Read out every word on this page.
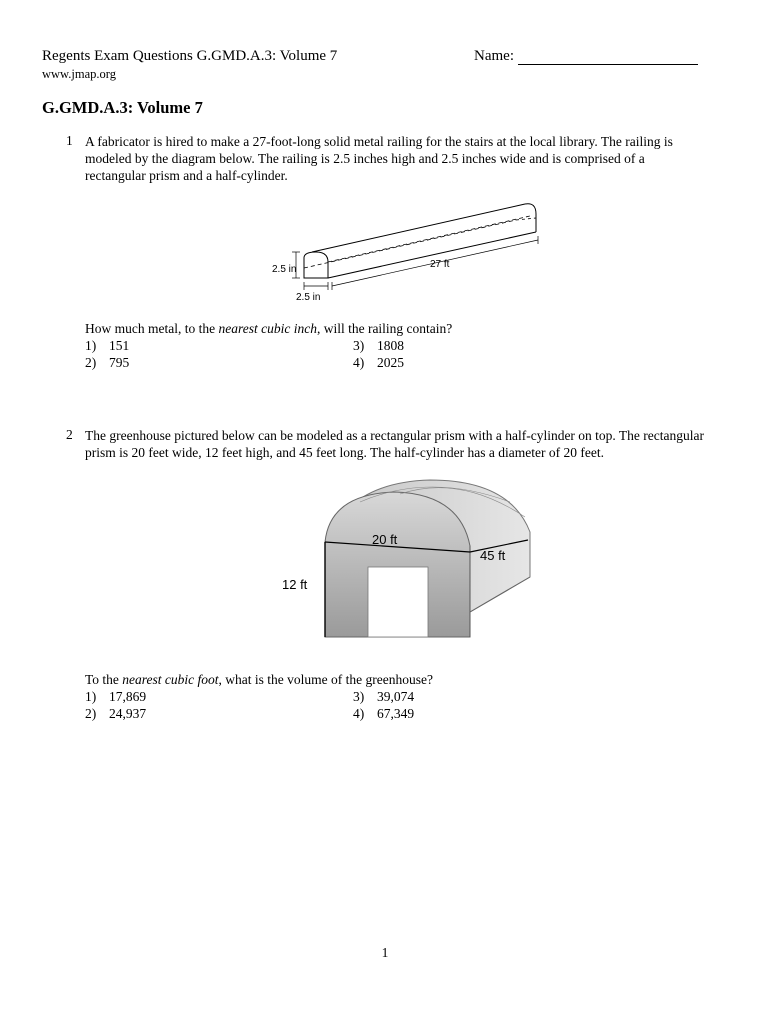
Regents Exam Questions G.GMD.A.3: Volume 7
www.jmap.org
Name:
G.GMD.A.3: Volume 7
1 A fabricator is hired to make a 27-foot-long solid metal railing for the stairs at the local library. The railing is modeled by the diagram below. The railing is 2.5 inches high and 2.5 inches wide and is comprised of a rectangular prism and a half-cylinder.
2.5 in
2.5 in
27 ft
How much metal, to the nearest cubic inch, will the railing contain?
1) 151
2) 795
3) 1808
4) 2025
2 The greenhouse pictured below can be modeled as a rectangular prism with a half-cylinder on top. The rectangular prism is 20 feet wide, 12 feet high, and 45 feet long. The half-cylinder has a diameter of 20 feet.
20 ft
12 ft
45 ft
To the nearest cubic foot, what is the volume of the greenhouse?
1) 17,869
2) 24,937
3) 39,074
4) 67,349
1
